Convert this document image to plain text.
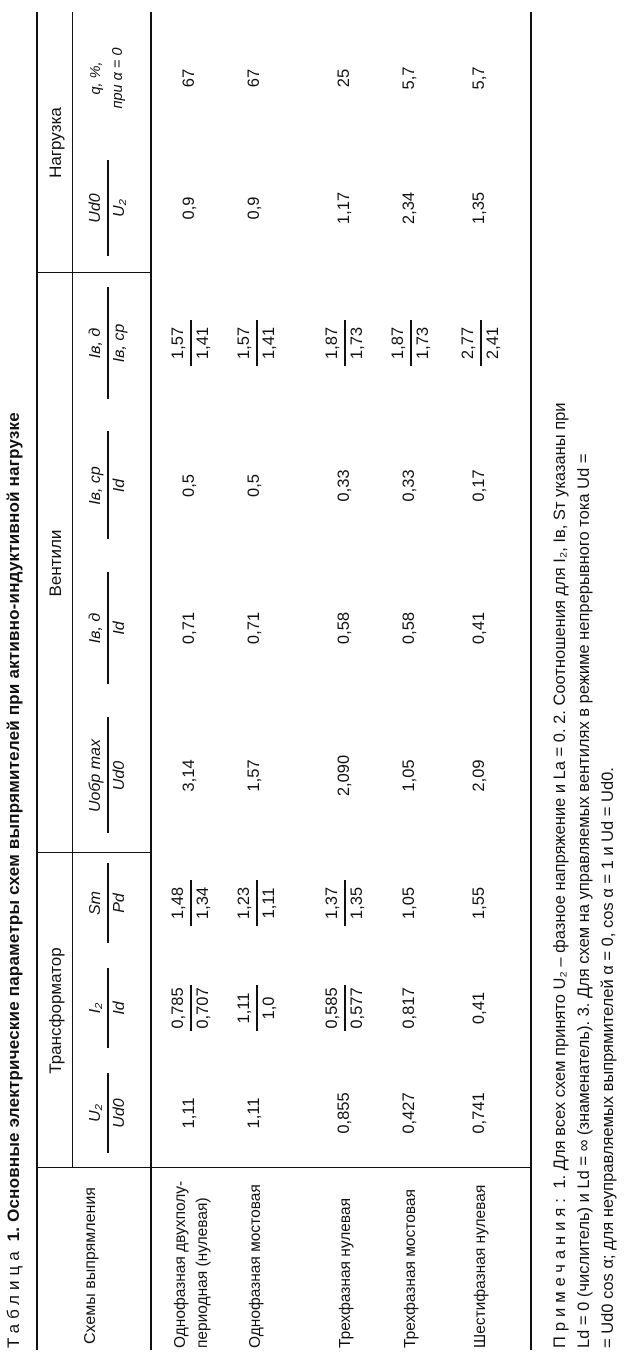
Таблица 1. Основные электрические параметры схем выпрямителей при активно-индуктивной нагрузке
Схемы выпрямления
Трансформатор
Вентили
Нагрузка
U₂ Ud0
I₂ Id
Sт Pd
Uобр max Ud0
Iв, д Id
Iв, ср Id
Iв, д Iв, ср
Ud0 U₂
q, %, при α = 0
Однофазная двухполу- периодная (нулевая)
1,11
0,785 0,707
1,48 1,34
3,14
0,71
0,5
1,57 1,41
0,9
67
Однофазная мостовая
1,11
1,11 1,0
1,23 1,11
1,57
0,71
0,5
1,57 1,41
0,9
67
Трехфазная нулевая
0,855
0,585 0,577
1,37 1,35
2,090
0,58
0,33
1,87 1,73
1,17
25
Трехфазная мостовая
0,427
0,817
1,05
1,05
0,58
0,33
1,87 1,73
2,34
5,7
Шестифазная нулевая
0,741
0,41
1,55
2,09
0,41
0,17
2,77 2,41
1,35
5,7

Примечания: 1. Для всех схем принято U₂ – фазное напряжение и La = 0. 2. Соотношения для I₂, Iв, Sт указаны при Ld = 0 (числитель) и Ld = ∞ (знаменатель). 3. Для схем на управляемых вентилях в режиме непрерывного тока Ud = = Ud0 cos α; для неуправляемых выпрямителей α = 0, cos α = 1 и Ud = Ud0.
